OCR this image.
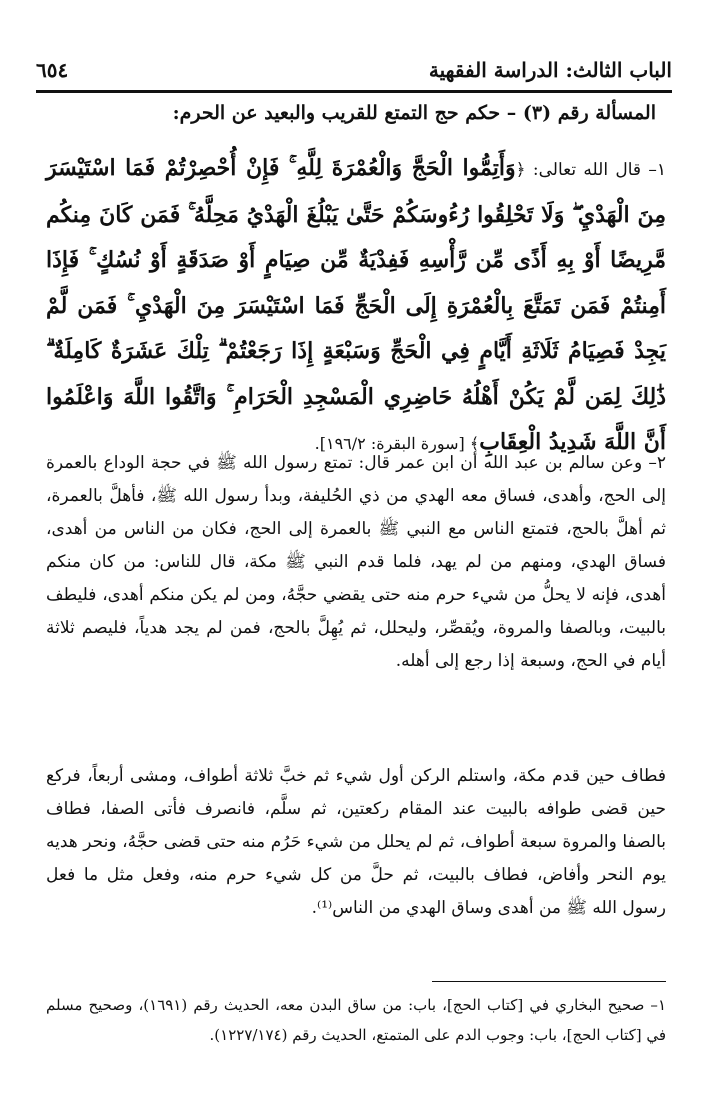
الباب الثالث: الدراسة الفقهية
٦٥٤
المسألة رقم (٣) – حكم حج التمتع للقريب والبعيد عن الحرم:
١– قال الله تعالى: ﴿وَأَتِمُّوا الْحَجَّ وَالْعُمْرَةَ لِلَّهِ ۚ فَإِنْ أُحْصِرْتُمْ فَمَا اسْتَيْسَرَ مِنَ الْهَدْيِ ۖ وَلَا تَحْلِقُوا رُءُوسَكُمْ حَتَّىٰ يَبْلُغَ الْهَدْيُ مَحِلَّهُ ۚ فَمَن كَانَ مِنكُم مَّرِيضًا أَوْ بِهِ أَذًى مِّن رَّأْسِهِ فَفِدْيَةٌ مِّن صِيَامٍ أَوْ صَدَقَةٍ أَوْ نُسُكٍ ۚ فَإِذَا أَمِنتُمْ فَمَن تَمَتَّعَ بِالْعُمْرَةِ إِلَى الْحَجِّ فَمَا اسْتَيْسَرَ مِنَ الْهَدْيِ ۚ فَمَن لَّمْ يَجِدْ فَصِيَامُ ثَلَاثَةِ أَيَّامٍ فِي الْحَجِّ وَسَبْعَةٍ إِذَا رَجَعْتُمْ ۗ تِلْكَ عَشَرَةٌ كَامِلَةٌ ۗ ذَٰلِكَ لِمَن لَّمْ يَكُنْ أَهْلُهُ حَاضِرِي الْمَسْجِدِ الْحَرَامِ ۚ وَاتَّقُوا اللَّهَ وَاعْلَمُوا أَنَّ اللَّهَ شَدِيدُ الْعِقَابِ﴾ [سورة البقرة: ١٩٦/٢].
٢– وعن سالم بن عبد الله أن ابن عمر قال: تمتع رسول الله ﷺ في حجة الوداع بالعمرة إلى الحج، وأهدى، فساق معه الهدي من ذي الحُليفة، وبدأ رسول الله ﷺ، فأهلَّ بالعمرة، ثم أهلَّ بالحج، فتمتع الناس مع النبي ﷺ بالعمرة إلى الحج، فكان من الناس من أهدى، فساق الهدي، ومنهم من لم يهد، فلما قدم النبي ﷺ مكة، قال للناس: من كان منكم أهدى، فإنه لا يحلُّ من شيء حرم منه حتى يقضي حجَّهُ، ومن لم يكن منكم أهدى، فليطف بالبيت، وبالصفا والمروة، ويُقصِّر، وليحلل، ثم يُهِلَّ بالحج، فمن لم يجد هدياً، فليصم ثلاثة أيام في الحج، وسبعة إذا رجع إلى أهله.
فطاف حين قدم مكة، واستلم الركن أول شيء ثم خبَّ ثلاثة أطواف، ومشى أربعاً، فركع حين قضى طوافه بالبيت عند المقام ركعتين، ثم سلَّم، فانصرف فأتى الصفا، فطاف بالصفا والمروة سبعة أطواف، ثم لم يحلل من شيء حَرُم منه حتى قضى حجَّهُ، ونحر هديه يوم النحر وأفاض، فطاف بالبيت، ثم حلَّ من كل شيء حرم منه، وفعل مثل ما فعل رسول الله ﷺ من أهدى وساق الهدي من الناس⁽¹⁾.
١– صحيح البخاري في [كتاب الحج]، باب: من ساق البدن معه، الحديث رقم (١٦٩١)، وصحيح مسلم في [كتاب الحج]، باب: وجوب الدم على المتمتع، الحديث رقم (١٢٢٧/١٧٤).
